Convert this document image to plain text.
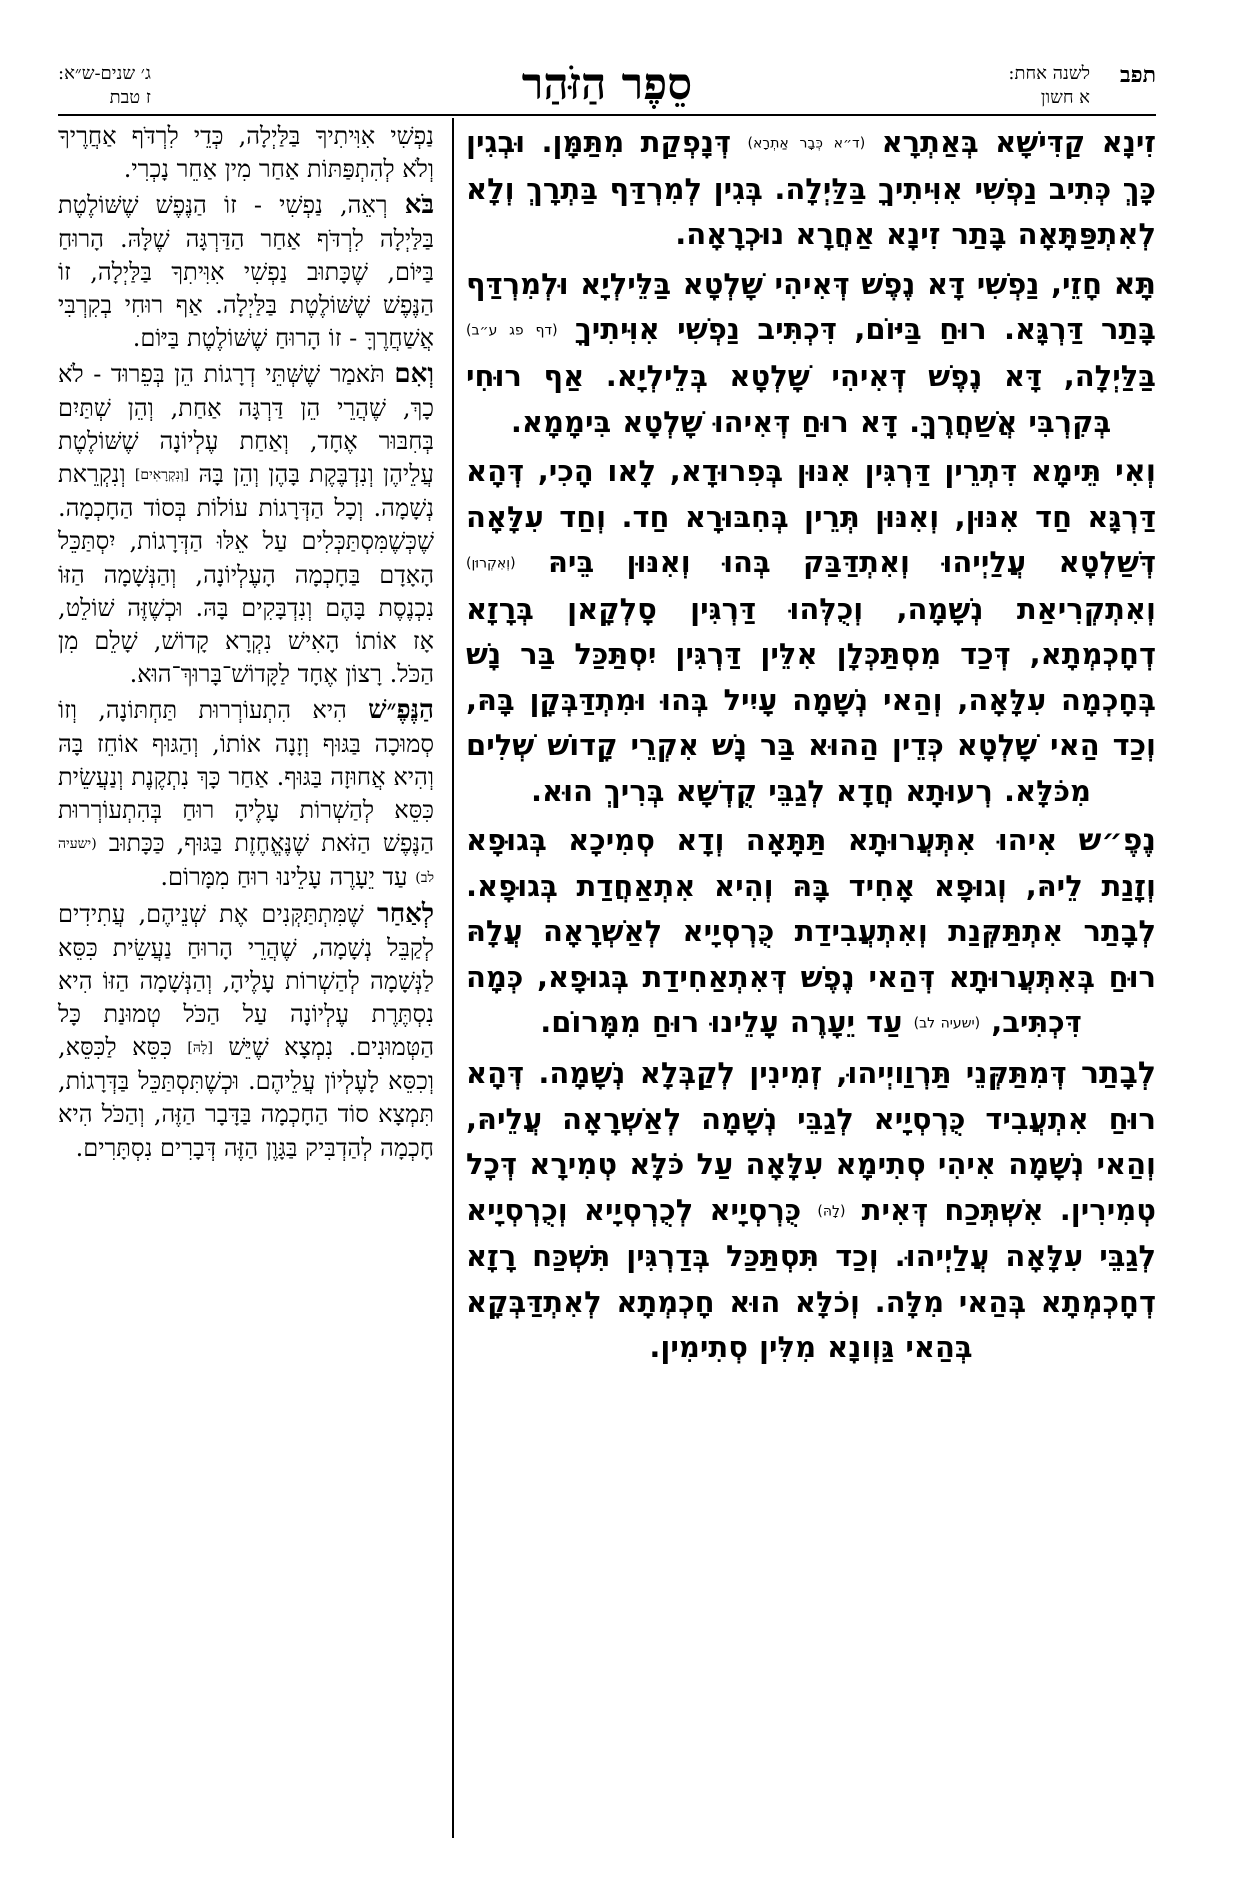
תפב
לשנה אחת:
א חשון
סֵפֶר הַזֹּהַר
ג׳ שנים-ש״א:
ז טבת

זִינָא קַדִּישָׁא בְּאַתְרָא (ד״א כְּבָר אַתְרָא) דְּנָפְקַת מִתַּמָּן. וּבְגִין כָּךְ כְּתִיב נַפְשִׁי אִוִּיתִיךָ בַּלַּיְלָה. בְּגִין לְמִרְדַּף בַּתְרָךְ וְלָא לְאִתְפַּתָּאָה בָּתַר זִינָא אַחֲרָא נוּכְרָאָה.

תָּא חָזֵי, נַפְשִׁי דָּא נֶפֶשׁ דְּאִיהִי שָׁלְטָא בַּלֵּילְיָא וּלְמִרְדַּף בָּתַר דַּרְגָּא. רוּחַ בַּיּוֹם, דִּכְתִּיב נַפְשִׁי אִוִּיתִיךָ (דף פג ע״ב) בַּלַּיְלָה, דָּא נֶפֶשׁ דְּאִיהִי שָׁלְטָא בְּלֵילְיָא. אַף רוּחִי בְּקִרְבִּי אֲשַׁחֲרֶךָּ. דָּא רוּחַ דְּאִיהוּ שָׁלְטָא בִּימָמָא.

וְאִי תֵּימָא דִּתְרֵין דַּרְגִּין אִנּוּן בְּפִרוּדָא, לָאו הָכִי, דְּהָא דַּרְגָּא חַד אִנּוּן, וְאִנּוּן תְּרֵין בְּחִבּוּרָא חַד. וְחַד עִלָּאָה דְּשַׁלְטָא עֲלַיְיהוּ וְאִתְדַּבַּק בְּהוּ וְאִנּוּן בֵּיהּ (וְאִקְרוּן) וְאִתְקְרִיאַת נְשָׁמָה, וְכֻלְּהוּ דַּרְגִּין סָלְקָאן בְּרָזָא דְחָכְמְתָא, דְּכַד מִסְתַּכְּלָן אִלֵּין דַּרְגִּין יִסְתַּכַּל בַּר נָשׁ בְּחָכְמָה עִלָּאָה, וְהַאי נְשָׁמָה עָיִיל בְּהוּ וּמִתְדַּבְּקָן בָּהּ, וְכַד הַאי שָׁלְטָא כְּדֵין הַהוּא בַּר נָשׁ אִקְרֵי קָדוֹשׁ שְׁלִים מִכֹּלָּא. רְעוּתָא חֲדָא לְגַבֵּי קֻדְשָׁא בְּרִיךְ הוּא.

נֶפֶ״ש אִיהוּ אִתְּעֲרוּתָא תַּתָּאָה וְדָא סְמִיכָא בְּגוּפָא וְזָנַת לֵיהּ, וְגוּפָא אָחִיד בָּהּ וְהִיא אִתְאַחֲדַת בְּגוּפָא. לְבָתַר אִתְתַּקְּנַת וְאִתְעֲבִידַת כֻּרְסְיָיא לְאַשְׁרָאָה עֲלָהּ רוּחַ בְּאִתְּעֲרוּתָא דְּהַאי נֶפֶשׁ דְּאִתְאַחִידַת בְּגוּפָא, כְּמָה דִּכְתִּיב, (ישעיה לב) עַד יֵעָרֶה עָלֵינוּ רוּחַ מִמָּרוֹם.

לְבָתַר דְּמִתַּקְּנֵי תַּרְוַויְיהוּ, זְמִינִין לְקַבְּלָא נְשָׁמָה. דְּהָא רוּחַ אִתְעֲבִיד כֻּרְסְיָיא לְגַבֵּי נְשָׁמָה לְאַשְׁרָאָה עֲלֵיהּ, וְהַאי נְשָׁמָה אִיהִי סְתִימָא עִלָּאָה עַל כֹּלָּא טְמִירָא דְּכָל טְמִירִין. אִשְׁתְּכַח דְּאִית (לָהּ) כֻּרְסְיָיא לְכֻרְסְיָיא וְכֻרְסְיָיא לְגַבֵּי עִלָּאָה עֲלַיְיהוּ. וְכַד תִּסְתַּכַּל בְּדַרְגִּין תִּשְׁכַּח רָזָא דְחָכְמְתָא בְּהַאי מִלָּה. וְכֹלָּא הוּא חָכְמְתָא לְאִתְדַּבְּקָא בְּהַאי גַּוְונָא מִלִּין סְתִימִין.

נַפְשִׁי אִוִּיתִיךָ בַּלַּיְלָה, כְּדֵי לִרְדֹּף אַחֲרֶיךָ וְלֹא לְהִתְפַּתּוֹת אַחַר מִין אַחֵר נָכְרִי.

בֹּא רְאֵה, נַפְשִׁי - זוֹ הַנֶּפֶשׁ שֶׁשּׁוֹלֶטֶת בַּלַּיְלָה לִרְדֹּף אַחַר הַדַּרְגָּה שֶׁלָּהּ. הָרוּחַ בַּיּוֹם, שֶׁכָּתוּב נַפְשִׁי אִוִּיתִךָ בַּלַּיְלָה, זוֹ הַנֶּפֶשׁ שֶׁשּׁוֹלֶטֶת בַּלַּיְלָה. אַף רוּחִי בְקִרְבִּי אֲשַׁחֲרֶךָּ - זוֹ הָרוּחַ שֶׁשּׁוֹלֶטֶת בַּיּוֹם.

וְאִם תֹּאמַר שֶׁשְּׁתֵּי דְרָגוֹת הֵן בְּפֵרוּד - לֹא כָךְ, שֶׁהֲרֵי הֵן דַּרְגָּה אַחַת, וְהֵן שְׁתַּיִם בְּחִבּוּר אֶחָד, וְאַחַת עֶלְיוֹנָה שֶׁשּׁוֹלֶטֶת עֲלֵיהֶן וְנִדְבֶּקֶת בָּהֶן וְהֵן בָּהּ [וְנִקְרָאִים] וְנִקְרֵאת נְשָׁמָה. וְכָל הַדְּרָגוֹת עוֹלוֹת בְּסוֹד הַחָכְמָה. שֶׁכְּשֶׁמִּסְתַּכְּלִים עַל אֵלּוּ הַדְּרָגוֹת, יִסְתַּכֵּל הָאָדָם בַּחָכְמָה הָעֶלְיוֹנָה, וְהַנְּשָׁמָה הַזּוֹ נִכְנֶסֶת בָּהֶם וְנִדְבָּקִים בָּהּ. וּכְשֶׁזֶּה שׁוֹלֵט, אָז אוֹתוֹ הָאִישׁ נִקְרָא קָדוֹשׁ, שָׁלֵם מִן הַכֹּל. רָצוֹן אֶחָד לַקָּדוֹשׁ־בָּרוּךְ־הוּא.

הַנֶּפֶ״שׁ הִיא הִתְעוֹרְרוּת תַּחְתּוֹנָה, וְזוֹ סְמוּכָה בַּגּוּף וְזָנָה אוֹתוֹ, וְהַגּוּף אוֹחֵז בָּהּ וְהִיא אֲחוּזָה בַּגּוּף. אַחַר כָּךְ נִתְקֶנֶת וְנַעֲשֵׂית כִּסֵּא לְהַשְׁרוֹת עָלֶיהָ רוּחַ בְּהִתְעוֹרְרוּת הַנֶּפֶשׁ הַזֹּאת שֶׁנֶּאֱחֶזֶת בַּגּוּף, כַּכָּתוּב (ישעיה לב) עַד יֵעָרֶה עָלֵינוּ רוּחַ מִמָּרוֹם.

לְאַחַר שֶׁמִּתְתַּקְּנִים אֶת שְׁנֵיהֶם, עֲתִידִים לְקַבֵּל נְשָׁמָה, שֶׁהֲרֵי הָרוּחַ נַעֲשֵׂית כִּסֵּא לַנְּשָׁמָה לְהַשְׁרוֹת עָלֶיהָ, וְהַנְּשָׁמָה הַזּוֹ הִיא נִסְתֶּרֶת עֶלְיוֹנָה עַל הַכֹּל טְמוּנַת כָּל הַטְּמוּנִים. נִמְצָא שֶׁיֵּשׁ [לָהּ] כִּסֵּא לַכִּסֵּא, וְכִסֵּא לָעֶלְיוֹן עֲלֵיהֶם. וּכְשֶׁתִּסְתַּכֵּל בַּדְּרָגוֹת, תִּמְצָא סוֹד הַחָכְמָה בַּדָּבָר הַזֶּה, וְהַכֹּל הִיא חָכְמָה לְהַדְבִּיק בַּגָּוֶן הַזֶּה דְּבָרִים נִסְתָּרִים.
